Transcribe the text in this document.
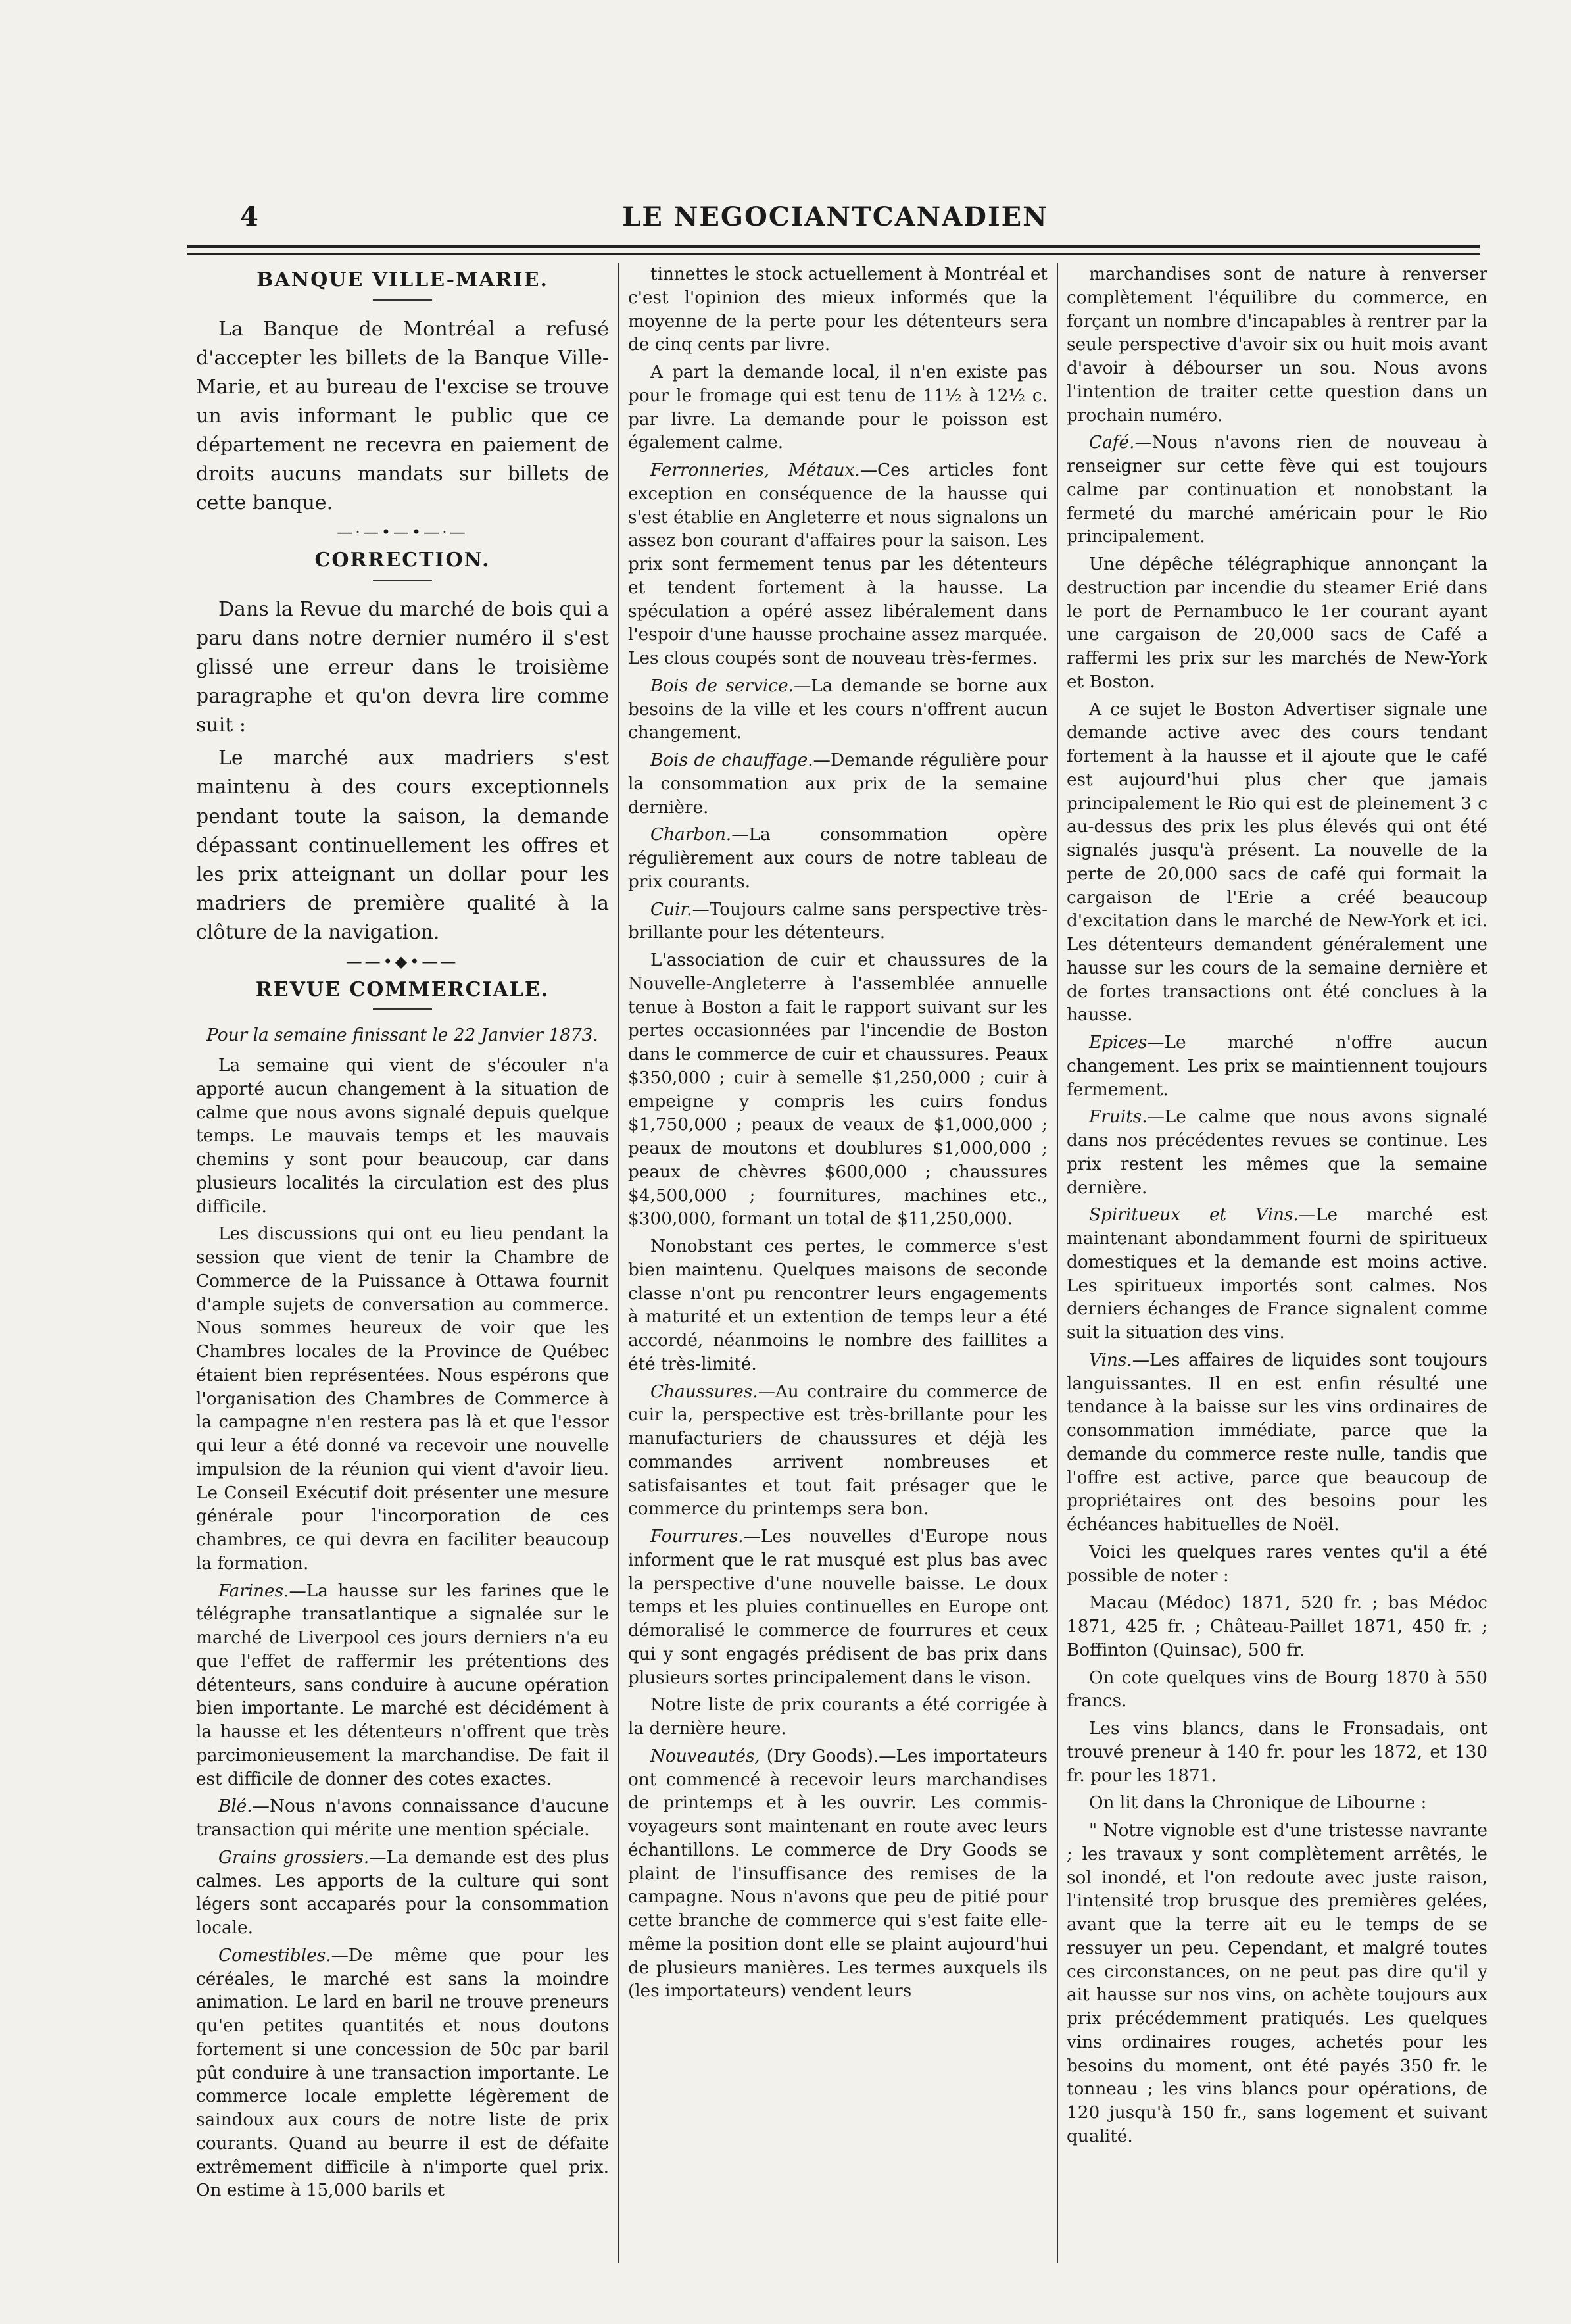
4	LE NEGOCIANTCANADIEN
BANQUE VILLE-MARIE.

La Banque de Montréal a refusé d'accepter les billets de la Banque Ville-Marie, et au bureau de l'excise se trouve un avis informant le public que ce département ne recevra en paiement de droits aucuns mandats sur billets de cette banque.

—·—•—•—·—
CORRECTION.

Dans la Revue du marché de bois qui a paru dans notre dernier numéro il s'est glissé une erreur dans le troisième paragraphe et qu'on devra lire comme suit :

Le marché aux madriers s'est maintenu à des cours exceptionnels pendant toute la saison, la demande dépassant continuellement les offres et les prix atteignant un dollar pour les madriers de première qualité à la clôture de la navigation.

——•◆•——
REVUE COMMERCIALE.

Pour la semaine finissant le 22 Janvier 1873.

La semaine qui vient de s'écouler n'a apporté aucun changement à la situation de calme que nous avons signalé depuis quelque temps. Le mauvais temps et les mauvais chemins y sont pour beaucoup, car dans plusieurs localités la circulation est des plus difficile.

Les discussions qui ont eu lieu pendant la session que vient de tenir la Chambre de Commerce de la Puissance à Ottawa fournit d'ample sujets de conversation au commerce. Nous sommes heureux de voir que les Chambres locales de la Province de Québec étaient bien représentées. Nous espérons que l'organisation des Chambres de Commerce à la campagne n'en restera pas là et que l'essor qui leur a été donné va recevoir une nouvelle impulsion de la réunion qui vient d'avoir lieu. Le Conseil Exécutif doit présenter une mesure générale pour l'incorporation de ces chambres, ce qui devra en faciliter beaucoup la formation.

Farines.—La hausse sur les farines que le télégraphe transatlantique a signalée sur le marché de Liverpool ces jours derniers n'a eu que l'effet de raffermir les prétentions des détenteurs, sans conduire à aucune opération bien importante. Le marché est décidément à la hausse et les détenteurs n'offrent que très parcimonieusement la marchandise. De fait il est difficile de donner des cotes exactes.

Blé.—Nous n'avons connaissance d'aucune transaction qui mérite une mention spéciale.

Grains grossiers.—La demande est des plus calmes. Les apports de la culture qui sont légers sont accaparés pour la consommation locale.

Comestibles.—De même que pour les céréales, le marché est sans la moindre animation. Le lard en baril ne trouve preneurs qu'en petites quantités et nous doutons fortement si une concession de 50c par baril pût conduire à une transaction importante. Le commerce locale emplette légèrement de saindoux aux cours de notre liste de prix courants. Quand au beurre il est de défaite extrêmement difficile à n'importe quel prix. On estime à 15,000 barils et

tinnettes le stock actuellement à Montréal et c'est l'opinion des mieux informés que la moyenne de la perte pour les détenteurs sera de cinq cents par livre.

A part la demande local, il n'en existe pas pour le fromage qui est tenu de 11½ à 12½ c. par livre. La demande pour le poisson est également calme.

Ferronneries, Métaux.—Ces articles font exception en conséquence de la hausse qui s'est établie en Angleterre et nous signalons un assez bon courant d'affaires pour la saison. Les prix sont fermement tenus par les détenteurs et tendent fortement à la hausse. La spéculation a opéré assez libéralement dans l'espoir d'une hausse prochaine assez marquée. Les clous coupés sont de nouveau très-fermes.

Bois de service.—La demande se borne aux besoins de la ville et les cours n'offrent aucun changement.

Bois de chauffage.—Demande régulière pour la consommation aux prix de la semaine dernière.

Charbon.—La consommation opère régulièrement aux cours de notre tableau de prix courants.

Cuir.—Toujours calme sans perspective très-brillante pour les détenteurs.

L'association de cuir et chaussures de la Nouvelle-Angleterre à l'assemblée annuelle tenue à Boston a fait le rapport suivant sur les pertes occasionnées par l'incendie de Boston dans le commerce de cuir et chaussures. Peaux $350,000 ; cuir à semelle $1,250,000 ; cuir à empeigne y compris les cuirs fondus $1,750,000 ; peaux de veaux de $1,000,000 ; peaux de moutons et doublures $1,000,000 ; peaux de chèvres $600,000 ; chaussures $4,500,000 ; fournitures, machines etc., $300,000, formant un total de $11,250,000.

Nonobstant ces pertes, le commerce s'est bien maintenu. Quelques maisons de seconde classe n'ont pu rencontrer leurs engagements à maturité et un extention de temps leur a été accordé, néanmoins le nombre des faillites a été très-limité.

Chaussures.—Au contraire du commerce de cuir la, perspective est très-brillante pour les manufacturiers de chaussures et déjà les commandes arrivent nombreuses et satisfaisantes et tout fait présager que le commerce du printemps sera bon.

Fourrures.—Les nouvelles d'Europe nous informent que le rat musqué est plus bas avec la perspective d'une nouvelle baisse. Le doux temps et les pluies continuelles en Europe ont démoralisé le commerce de fourrures et ceux qui y sont engagés prédisent de bas prix dans plusieurs sortes principalement dans le vison.

Notre liste de prix courants a été corrigée à la dernière heure.

Nouveautés, (Dry Goods).—Les importateurs ont commencé à recevoir leurs marchandises de printemps et à les ouvrir. Les commis-voyageurs sont maintenant en route avec leurs échantillons. Le commerce de Dry Goods se plaint de l'insuffisance des remises de la campagne. Nous n'avons que peu de pitié pour cette branche de commerce qui s'est faite elle-même la position dont elle se plaint aujourd'hui de plusieurs manières. Les termes auxquels ils (les importateurs) vendent leurs

marchandises sont de nature à renverser complètement l'équilibre du commerce, en forçant un nombre d'incapables à rentrer par la seule perspective d'avoir six ou huit mois avant d'avoir à débourser un sou. Nous avons l'intention de traiter cette question dans un prochain numéro.

Café.—Nous n'avons rien de nouveau à renseigner sur cette fève qui est toujours calme par continuation et nonobstant la fermeté du marché américain pour le Rio principalement.

Une dépêche télégraphique annonçant la destruction par incendie du steamer Erié dans le port de Pernambuco le 1er courant ayant une cargaison de 20,000 sacs de Café a raffermi les prix sur les marchés de New-York et Boston.

A ce sujet le Boston Advertiser signale une demande active avec des cours tendant fortement à la hausse et il ajoute que le café est aujourd'hui plus cher que jamais principalement le Rio qui est de pleinement 3 c au-dessus des prix les plus élevés qui ont été signalés jusqu'à présent. La nouvelle de la perte de 20,000 sacs de café qui formait la cargaison de l'Erie a créé beaucoup d'excitation dans le marché de New-York et ici. Les détenteurs demandent généralement une hausse sur les cours de la semaine dernière et de fortes transactions ont été conclues à la hausse.

Epices—Le marché n'offre aucun changement. Les prix se maintiennent toujours fermement.

Fruits.—Le calme que nous avons signalé dans nos précédentes revues se continue. Les prix restent les mêmes que la semaine dernière.

Spiritueux et Vins.—Le marché est maintenant abondamment fourni de spiritueux domestiques et la demande est moins active. Les spiritueux importés sont calmes. Nos derniers échanges de France signalent comme suit la situation des vins.

Vins.—Les affaires de liquides sont toujours languissantes. Il en est enfin résulté une tendance à la baisse sur les vins ordinaires de consommation immédiate, parce que la demande du commerce reste nulle, tandis que l'offre est active, parce que beaucoup de propriétaires ont des besoins pour les échéances habituelles de Noël.

Voici les quelques rares ventes qu'il a été possible de noter :

Macau (Médoc) 1871, 520 fr. ; bas Médoc 1871, 425 fr. ; Château-Paillet 1871, 450 fr. ; Boffinton (Quinsac), 500 fr.

On cote quelques vins de Bourg 1870 à 550 francs.

Les vins blancs, dans le Fronsadais, ont trouvé preneur à 140 fr. pour les 1872, et 130 fr. pour les 1871.

On lit dans la Chronique de Libourne :

" Notre vignoble est d'une tristesse navrante ; les travaux y sont complètement arrêtés, le sol inondé, et l'on redoute avec juste raison, l'intensité trop brusque des premières gelées, avant que la terre ait eu le temps de se ressuyer un peu. Cependant, et malgré toutes ces circonstances, on ne peut pas dire qu'il y ait hausse sur nos vins, on achète toujours aux prix précédemment pratiqués. Les quelques vins ordinaires rouges, achetés pour les besoins du moment, ont été payés 350 fr. le tonneau ; les vins blancs pour opérations, de 120 jusqu'à 150 fr., sans logement et suivant qualité.
